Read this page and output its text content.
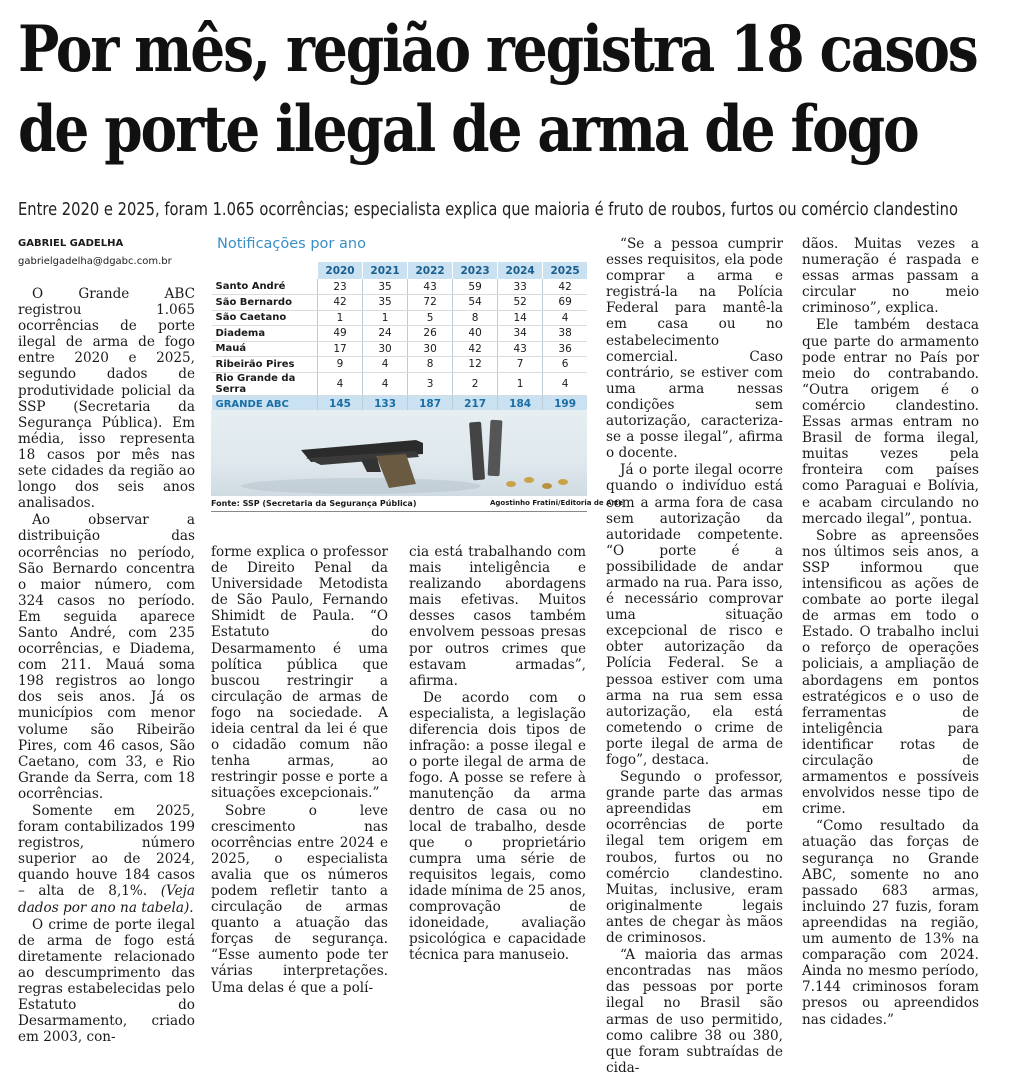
Por mês, região registra 18 casos de porte ilegal de arma de fogo
Entre 2020 e 2025, foram 1.065 ocorrências; especialista explica que maioria é fruto de roubos, furtos ou comércio clandestino
GABRIEL GADELHA
gabrielgadelha@dgabc.com.br

O Grande ABC registrou 1.065 ocorrências de porte ilegal de arma de fogo entre 2020 e 2025, segundo dados de produtividade policial da SSP (Secretaria da Segurança Pública). Em média, isso representa 18 casos por mês nas sete cidades da região ao longo dos seis anos analisados.

Ao observar a distribuição das ocorrências no período, São Bernardo concentra o maior número, com 324 casos no período. Em seguida aparece Santo André, com 235 ocorrências, e Diadema, com 211. Mauá soma 198 registros ao longo dos seis anos. Já os municípios com menor volume são Ribeirão Pires, com 46 casos, São Caetano, com 33, e Rio Grande da Serra, com 18 ocorrências.

Somente em 2025, foram contabilizados 199 registros, número superior ao de 2024, quando houve 184 casos – alta de 8,1%. (Veja dados por ano na tabela).

O crime de porte ilegal de arma de fogo está diretamente relacionado ao descumprimento das regras estabelecidas pelo Estatuto do Desarmamento, criado em 2003, con-

Notificações por ano
	2020	2021	2022	2023	2024	2025
Santo André	23	35	43	59	33	42
São Bernardo	42	35	72	54	52	69
São Caetano	1	1	5	8	14	4
Diadema	49	24	26	40	34	38
Mauá	17	30	30	42	43	36
Ribeirão Pires	9	4	8	12	7	6
Rio Grande da Serra	4	4	3	2	1	4
GRANDE ABC	145	133	187	217	184	199
Fonte: SSP (Secretaria da Segurança Pública)	Agostinho Fratini/Editoria de Arte

forme explica o professor de Direito Penal da Universidade Metodista de São Paulo, Fernando Shimidt de Paula. “O Estatuto do Desarmamento é uma política pública que buscou restringir a circulação de armas de fogo na sociedade. A ideia central da lei é que o cidadão comum não tenha armas, ao restringir posse e porte a situações excepcionais.”

Sobre o leve crescimento nas ocorrências entre 2024 e 2025, o especialista avalia que os números podem refletir tanto a circulação de armas quanto a atuação das forças de segurança. “Esse aumento pode ter várias interpretações. Uma delas é que a polí-

cia está trabalhando com mais inteligência e realizando abordagens mais efetivas. Muitos desses casos também envolvem pessoas presas por outros crimes que estavam armadas”, afirma.

De acordo com o especialista, a legislação diferencia dois tipos de infração: a posse ilegal e o porte ilegal de arma de fogo. A posse se refere à manutenção da arma dentro de casa ou no local de trabalho, desde que o proprietário cumpra uma série de requisitos legais, como idade mínima de 25 anos, comprovação de idoneidade, avaliação psicológica e capacidade técnica para manuseio.

“Se a pessoa cumprir esses requisitos, ela pode comprar a arma e registrá-la na Polícia Federal para mantê-la em casa ou no estabelecimento comercial. Caso contrário, se estiver com uma arma nessas condições sem autorização, caracteriza-se a posse ilegal”, afirma o docente.

Já o porte ilegal ocorre quando o indivíduo está com a arma fora de casa sem autorização da autoridade competente. “O porte é a possibilidade de andar armado na rua. Para isso, é necessário comprovar uma situação excepcional de risco e obter autorização da Polícia Federal. Se a pessoa estiver com uma arma na rua sem essa autorização, ela está cometendo o crime de porte ilegal de arma de fogo”, destaca.

Segundo o professor, grande parte das armas apreendidas em ocorrências de porte ilegal tem origem em roubos, furtos ou no comércio clandestino. Muitas, inclusive, eram originalmente legais antes de chegar às mãos de criminosos.

“A maioria das armas encontradas nas mãos das pessoas por porte ilegal no Brasil são armas de uso permitido, como calibre 38 ou 380, que foram subtraídas de cida-

dãos. Muitas vezes a numeração é raspada e essas armas passam a circular no meio criminoso”, explica.

Ele também destaca que parte do armamento pode entrar no País por meio do contrabando. “Outra origem é o comércio clandestino. Essas armas entram no Brasil de forma ilegal, muitas vezes pela fronteira com países como Paraguai e Bolívia, e acabam circulando no mercado ilegal”, pontua.

Sobre as apreensões nos últimos seis anos, a SSP informou que intensificou as ações de combate ao porte ilegal de armas em todo o Estado. O trabalho inclui o reforço de operações policiais, a ampliação de abordagens em pontos estratégicos e o uso de ferramentas de inteligência para identificar rotas de circulação de armamentos e possíveis envolvidos nesse tipo de crime.

“Como resultado da atuação das forças de segurança no Grande ABC, somente no ano passado 683 armas, incluindo 27 fuzis, foram apreendidas na região, um aumento de 13% na comparação com 2024. Ainda no mesmo período, 7.144 criminosos foram presos ou apreendidos nas cidades.”
